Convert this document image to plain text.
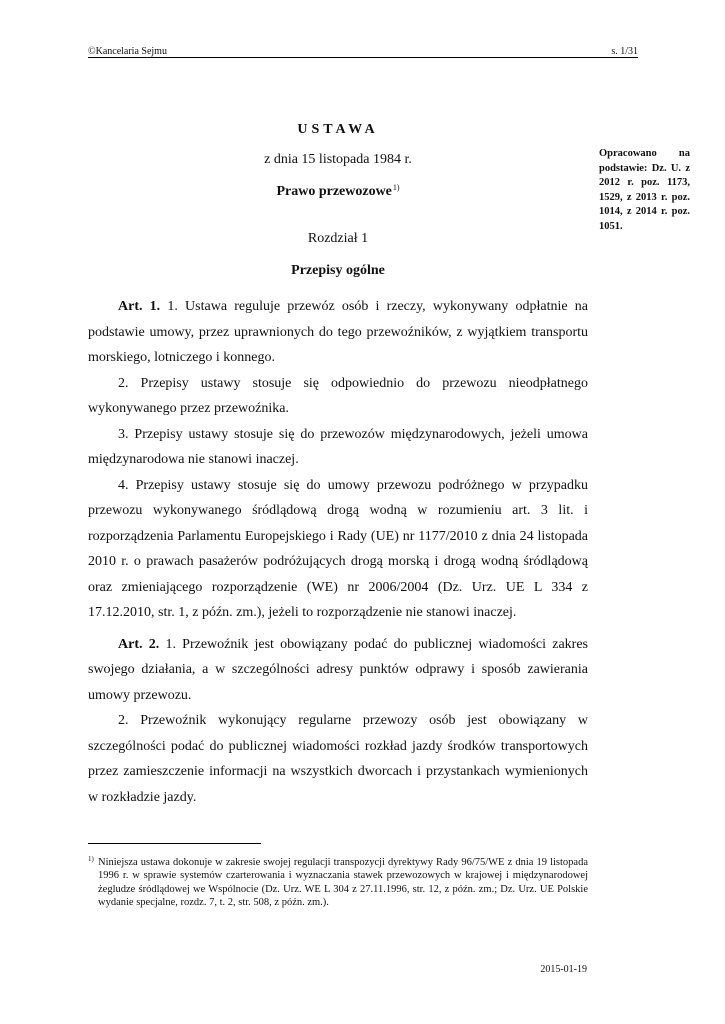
©Kancelaria Sejmu	s. 1/31
USTAWA
z dnia 15 listopada 1984 r.
Prawo przewozowe$^{1)}$
Opracowano na podstawie: Dz. U. z 2012 r. poz. 1173, 1529, z 2013 r. poz. 1014, z 2014 r. poz. 1051.
Rozdział 1
Przepisy ogólne

Art. 1. 1. Ustawa reguluje przewóz osób i rzeczy, wykonywany odpłatnie na podstawie umowy, przez uprawnionych do tego przewoźników, z wyjątkiem transportu morskiego, lotniczego i konnego.

2. Przepisy ustawy stosuje się odpowiednio do przewozu nieodpłatnego wykonywanego przez przewoźnika.

3. Przepisy ustawy stosuje się do przewozów międzynarodowych, jeżeli umowa międzynarodowa nie stanowi inaczej.

4. Przepisy ustawy stosuje się do umowy przewozu podróżnego w przypadku przewozu wykonywanego śródlądową drogą wodną w rozumieniu art. 3 lit. i rozporządzenia Parlamentu Europejskiego i Rady (UE) nr 1177/2010 z dnia 24 listopada 2010 r. o prawach pasażerów podróżujących drogą morską i drogą wodną śródlądową oraz zmieniającego rozporządzenie (WE) nr 2006/2004 (Dz. Urz. UE L 334 z 17.12.2010, str. 1, z późn. zm.), jeżeli to rozporządzenie nie stanowi inaczej.

Art. 2. 1. Przewoźnik jest obowiązany podać do publicznej wiadomości zakres swojego działania, a w szczególności adresy punktów odprawy i sposób zawierania umowy przewozu.

2. Przewoźnik wykonujący regularne przewozy osób jest obowiązany w szczególności podać do publicznej wiadomości rozkład jazdy środków transportowych przez zamieszczenie informacji na wszystkich dworcach i przystankach wymienionych w rozkładzie jazdy.

1) Niniejsza ustawa dokonuje w zakresie swojej regulacji transpozycji dyrektywy Rady 96/75/WE z dnia 19 listopada 1996 r. w sprawie systemów czarterowania i wyznaczania stawek przewozowych w krajowej i międzynarodowej żegludze śródlądowej we Wspólnocie (Dz. Urz. WE L 304 z 27.11.1996, str. 12, z późn. zm.; Dz. Urz. UE Polskie wydanie specjalne, rozdz. 7, t. 2, str. 508, z późn. zm.).
2015-01-19
